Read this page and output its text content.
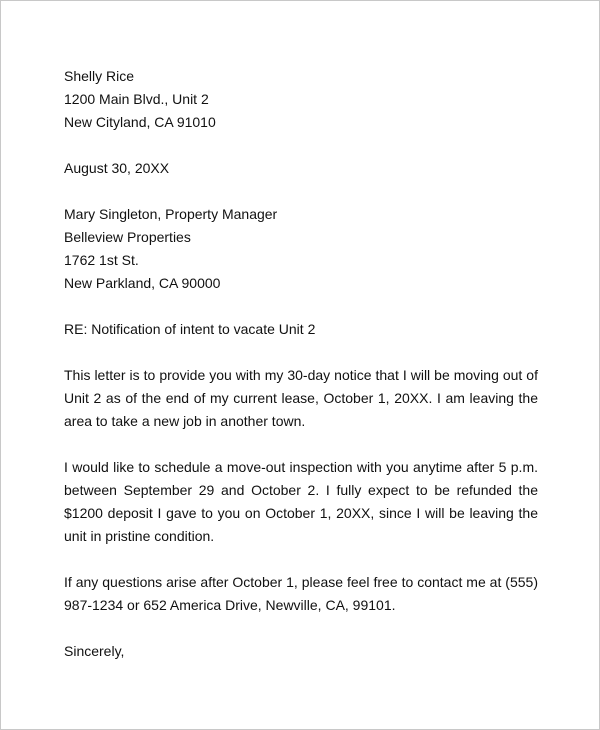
Shelly Rice
1200 Main Blvd., Unit 2
New Cityland, CA 91010
August 30, 20XX
Mary Singleton, Property Manager
Belleview Properties
1762 1st St.
New Parkland, CA 90000
RE: Notification of intent to vacate Unit 2

This letter is to provide you with my 30-day notice that I will be moving out of Unit 2 as of the end of my current lease, October 1, 20XX. I am leaving the area to take a new job in another town.

I would like to schedule a move-out inspection with you anytime after 5 p.m. between September 29 and October 2. I fully expect to be refunded the $1200 deposit I gave to you on October 1, 20XX, since I will be leaving the unit in pristine condition.

If any questions arise after October 1, please feel free to contact me at (555) 987-1234 or 652 America Drive, Newville, CA, 99101.

Sincerely,
